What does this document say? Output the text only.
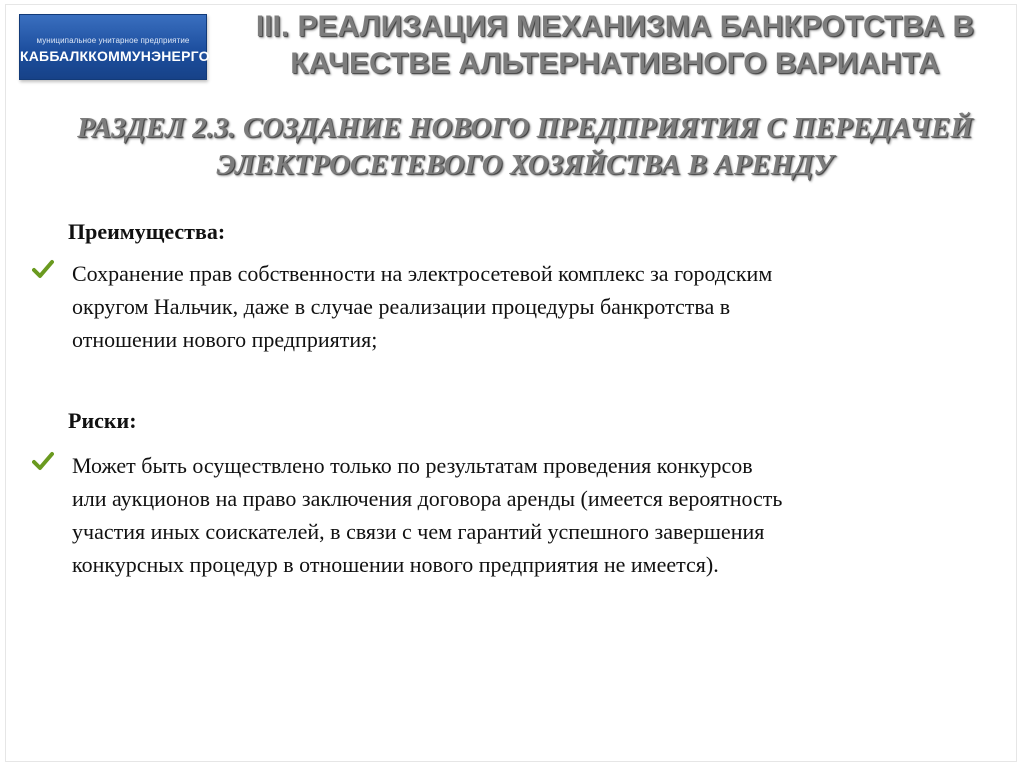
муниципальное унитарное предприятие
КАББАЛККОММУНЭНЕРГО
III. РЕАЛИЗАЦИЯ МЕХАНИЗМА БАНКРОТСТВА В
КАЧЕСТВЕ АЛЬТЕРНАТИВНОГО ВАРИАНТА
РАЗДЕЛ 2.3. СОЗДАНИЕ НОВОГО ПРЕДПРИЯТИЯ С ПЕРЕДАЧЕЙ
ЭЛЕКТРОСЕТЕВОГО ХОЗЯЙСТВА В АРЕНДУ
Преимущества:
Сохранение прав собственности на электросетевой комплекс за городским
округом Нальчик, даже в случае реализации процедуры банкротства в
отношении нового предприятия;
Риски:
Может быть осуществлено только по результатам проведения конкурсов
или аукционов на право заключения договора аренды (имеется вероятность
участия иных соискателей, в связи с чем гарантий успешного завершения
конкурсных процедур в отношении нового предприятия не имеется).
